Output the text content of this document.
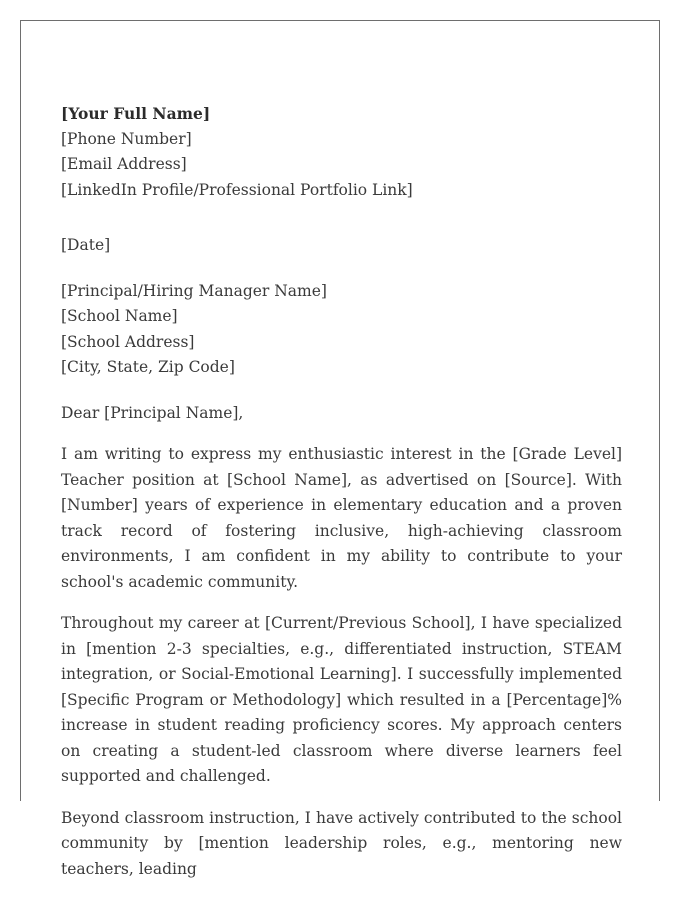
[Your Full Name]
[Phone Number]
[Email Address]
[LinkedIn Profile/Professional Portfolio Link]
[Date]
[Principal/Hiring Manager Name]
[School Name]
[School Address]
[City, State, Zip Code]
Dear [Principal Name],

I am writing to express my enthusiastic interest in the [Grade Level] Teacher position at [School Name], as advertised on [Source]. With [Number] years of experience in elementary education and a proven track record of fostering inclusive, high-achieving classroom environments, I am confident in my ability to contribute to your school's academic community.

Throughout my career at [Current/Previous School], I have specialized in [mention 2-3 specialties, e.g., differentiated instruction, STEAM integration, or Social-Emotional Learning]. I successfully implemented [Specific Program or Methodology] which resulted in a [Percentage]% increase in student reading proficiency scores. My approach centers on creating a student-led classroom where diverse learners feel supported and challenged.

Beyond classroom instruction, I have actively contributed to the school community by [mention leadership roles, e.g., mentoring new teachers, leading
